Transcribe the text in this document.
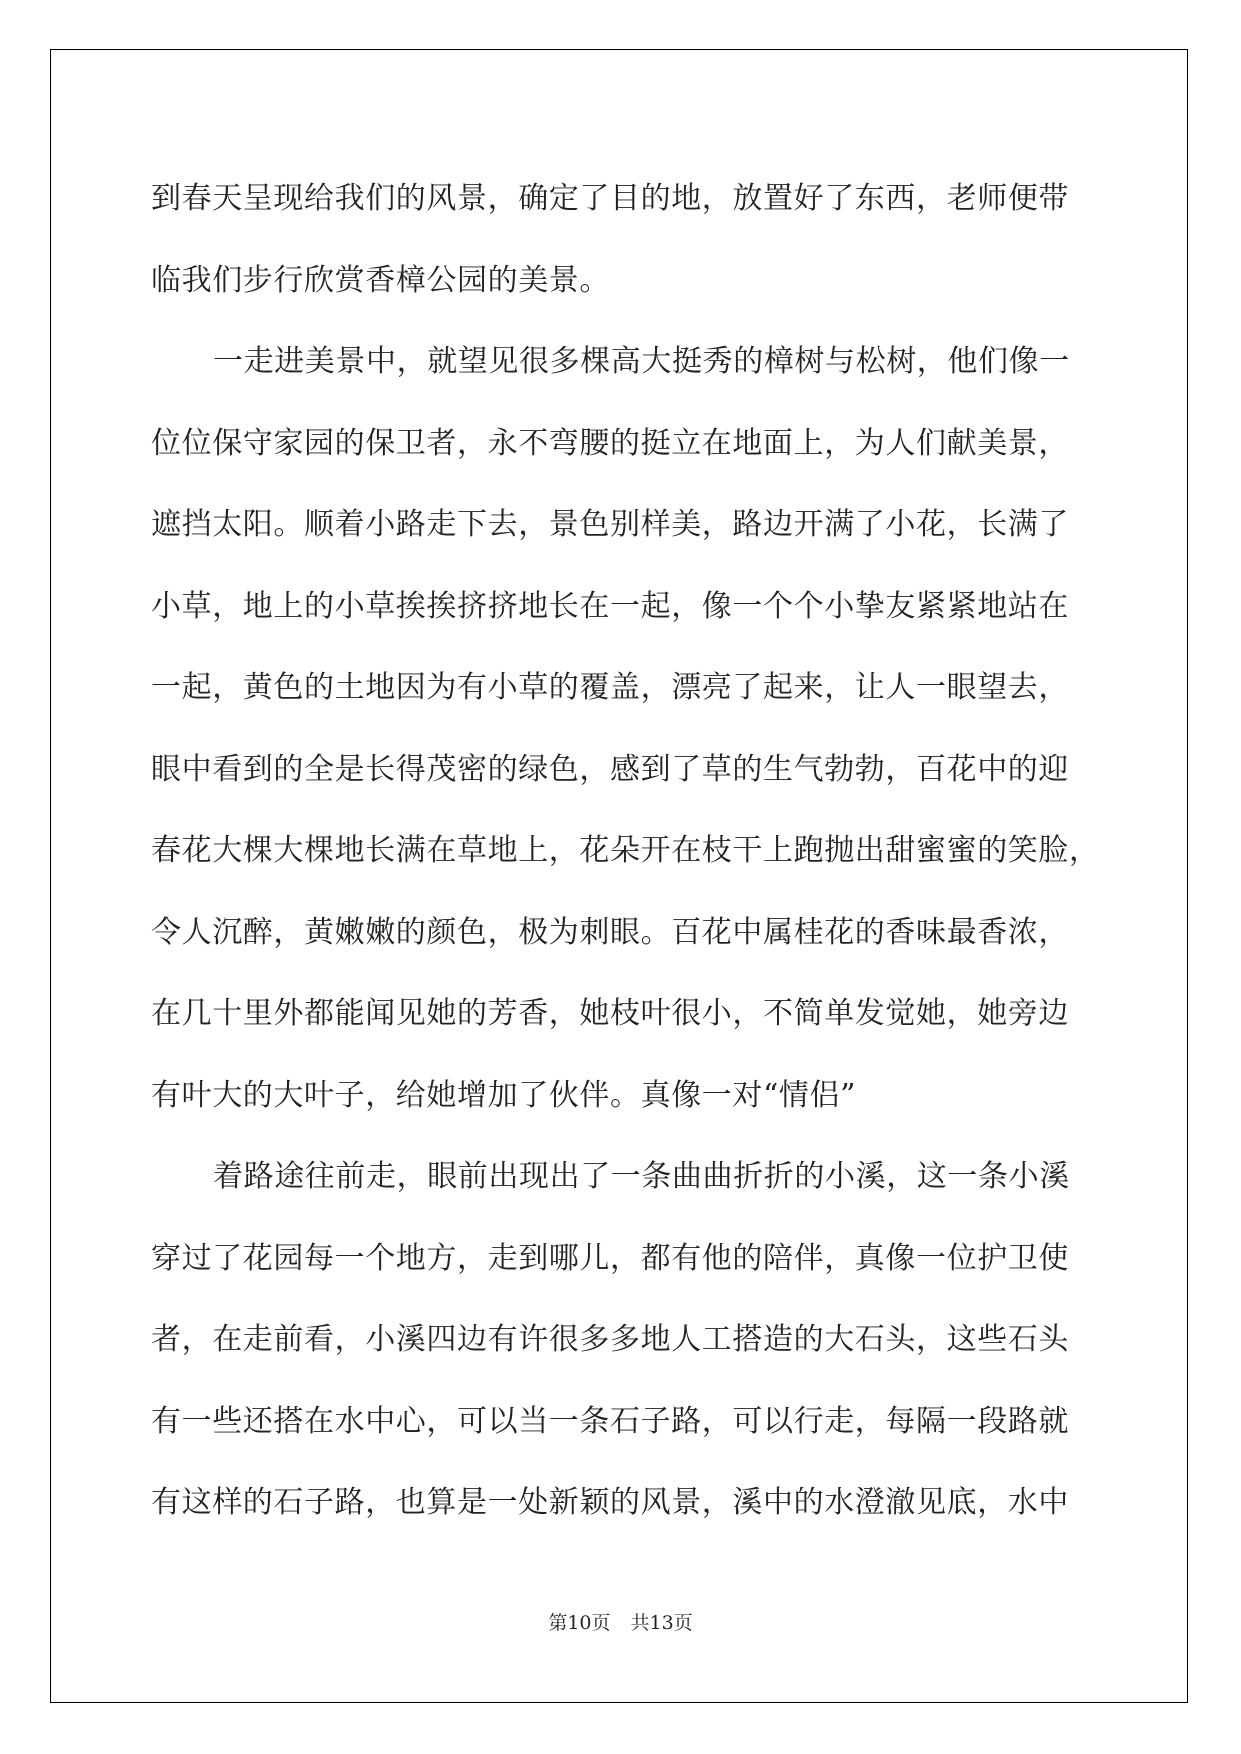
到春天呈现给我们的风景，确定了目的地，放置好了东西，老师便带
临我们步行欣赏香樟公园的美景。
一走进美景中，就望见很多棵高大挺秀的樟树与松树，他们像一
位位保守家园的保卫者，永不弯腰的挺立在地面上，为人们献美景，
遮挡太阳。顺着小路走下去，景色别样美，路边开满了小花，长满了
小草，地上的小草挨挨挤挤地长在一起，像一个个小挚友紧紧地站在
一起，黄色的土地因为有小草的覆盖，漂亮了起来，让人一眼望去，
眼中看到的全是长得茂密的绿色，感到了草的生气勃勃，百花中的迎
春花大棵大棵地长满在草地上，花朵开在枝干上跑抛出甜蜜蜜的笑脸，
令人沉醉，黄嫩嫩的颜色，极为刺眼。百花中属桂花的香味最香浓，
在几十里外都能闻见她的芳香，她枝叶很小，不简单发觉她，她旁边
有叶大的大叶子，给她增加了伙伴。真像一对“情侣”
着路途往前走，眼前出现出了一条曲曲折折的小溪，这一条小溪
穿过了花园每一个地方，走到哪儿，都有他的陪伴，真像一位护卫使
者，在走前看，小溪四边有许很多多地人工搭造的大石头，这些石头
有一些还搭在水中心，可以当一条石子路，可以行走，每隔一段路就
有这样的石子路，也算是一处新颖的风景，溪中的水澄澈见底，水中
第10页 共13页
